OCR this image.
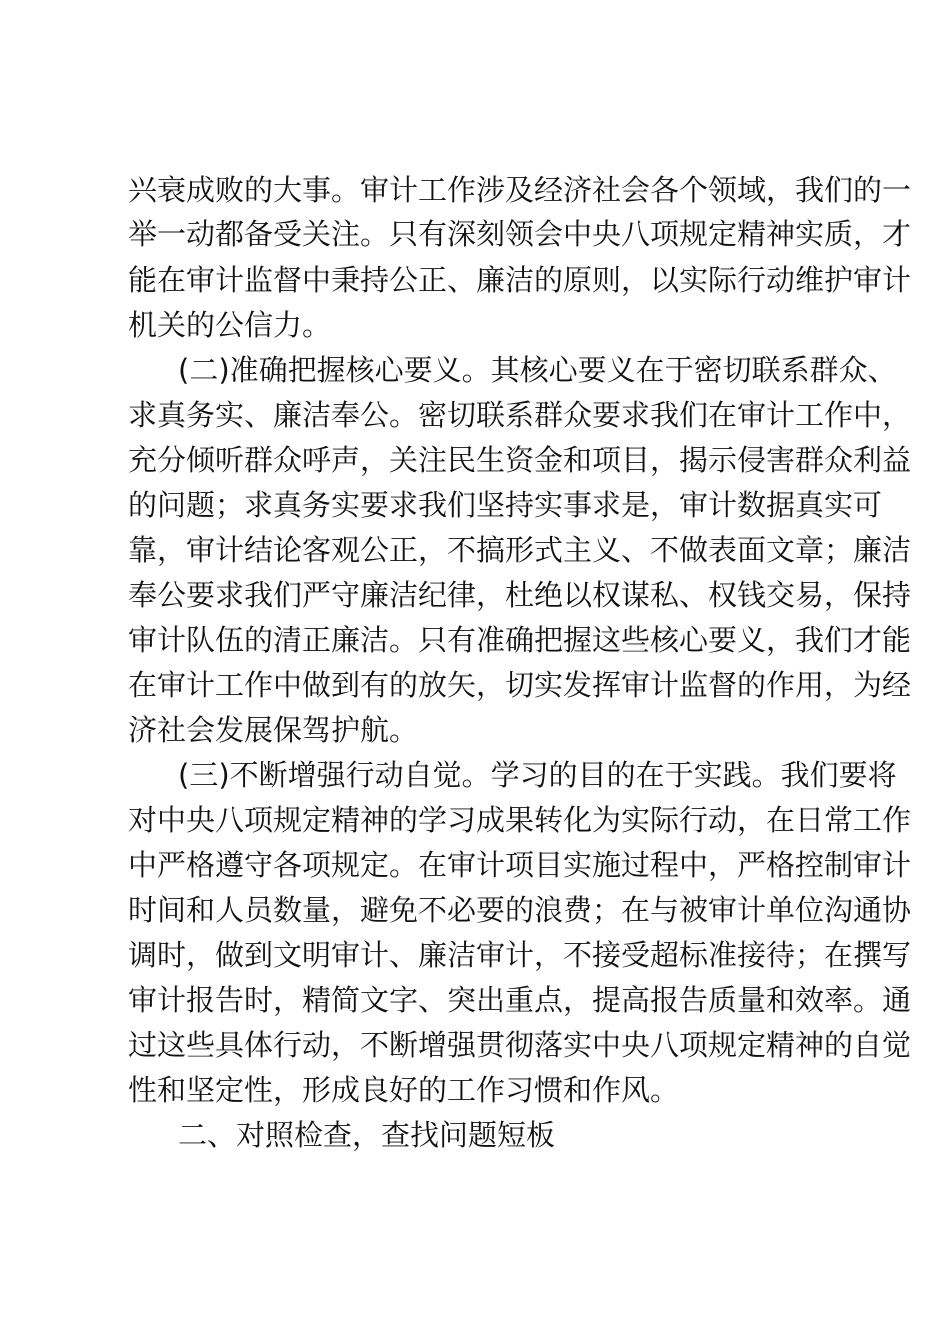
兴衰成败的大事。审计工作涉及经济社会各个领域，我们的一
举一动都备受关注。只有深刻领会中央八项规定精神实质，才
能在审计监督中秉持公正、廉洁的原则，以实际行动维护审计
机关的公信力。
(二)准确把握核心要义。其核心要义在于密切联系群众、
求真务实、廉洁奉公。密切联系群众要求我们在审计工作中，
充分倾听群众呼声，关注民生资金和项目，揭示侵害群众利益
的问题；求真务实要求我们坚持实事求是，审计数据真实可
靠，审计结论客观公正，不搞形式主义、不做表面文章；廉洁
奉公要求我们严守廉洁纪律，杜绝以权谋私、权钱交易，保持
审计队伍的清正廉洁。只有准确把握这些核心要义，我们才能
在审计工作中做到有的放矢，切实发挥审计监督的作用，为经
济社会发展保驾护航。
(三)不断增强行动自觉。学习的目的在于实践。我们要将
对中央八项规定精神的学习成果转化为实际行动，在日常工作
中严格遵守各项规定。在审计项目实施过程中，严格控制审计
时间和人员数量，避免不必要的浪费；在与被审计单位沟通协
调时，做到文明审计、廉洁审计，不接受超标准接待；在撰写
审计报告时，精简文字、突出重点，提高报告质量和效率。通
过这些具体行动，不断增强贯彻落实中央八项规定精神的自觉
性和坚定性，形成良好的工作习惯和作风。
二、对照检查，查找问题短板
